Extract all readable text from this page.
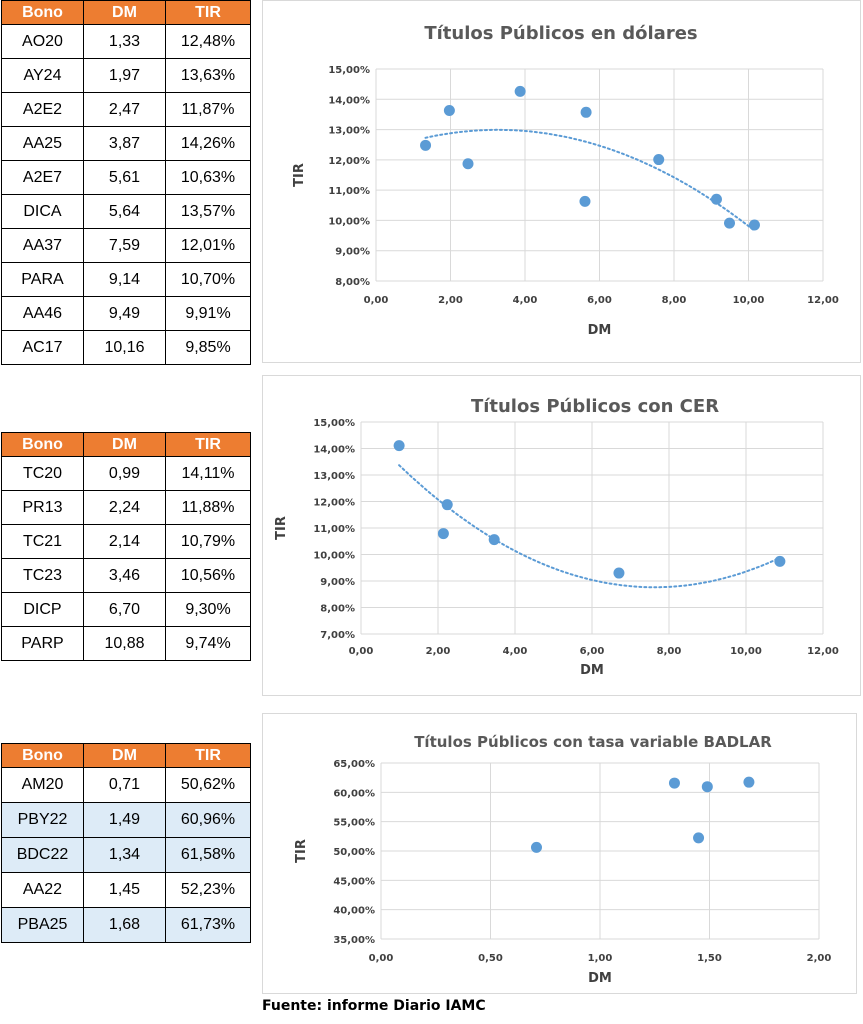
Bono	DM	TIR
AO20	1,33	12,48%
AY24	1,97	13,63%
A2E2	2,47	11,87%
AA25	3,87	14,26%
A2E7	5,61	10,63%
DICA	5,64	13,57%
AA37	7,59	12,01%
PARA	9,14	10,70%
AA46	9,49	9,91%
AC17	10,16	9,85%
Bono	DM	TIR
TC20	0,99	14,11%
PR13	2,24	11,88%
TC21	2,14	10,79%
TC23	3,46	10,56%
DICP	6,70	9,30%
PARP	10,88	9,74%
Bono	DM	TIR
AM20	0,71	50,62%
PBY22	1,49	60,96%
BDC22	1,34	61,58%
AA22	1,45	52,23%
PBA25	1,68	61,73%
Títulos Públicos en dólares
0,00	2,00	4,00	6,00	8,00	10,00	12,00
8,00%
9,00%
10,00%
11,00%
12,00%
13,00%
14,00%
15,00%
DM
TIR
Títulos Públicos con CER
0,00	2,00	4,00	6,00	8,00	10,00	12,00
7,00%
8,00%
9,00%
10,00%
11,00%
12,00%
13,00%
14,00%
15,00%
DM
TIR
Títulos Públicos con tasa variable BADLAR
0,00	0,50	1,00	1,50	2,00
35,00%
40,00%
45,00%
50,00%
55,00%
60,00%
65,00%
DM
TIR
Fuente: informe Diario IAMC
